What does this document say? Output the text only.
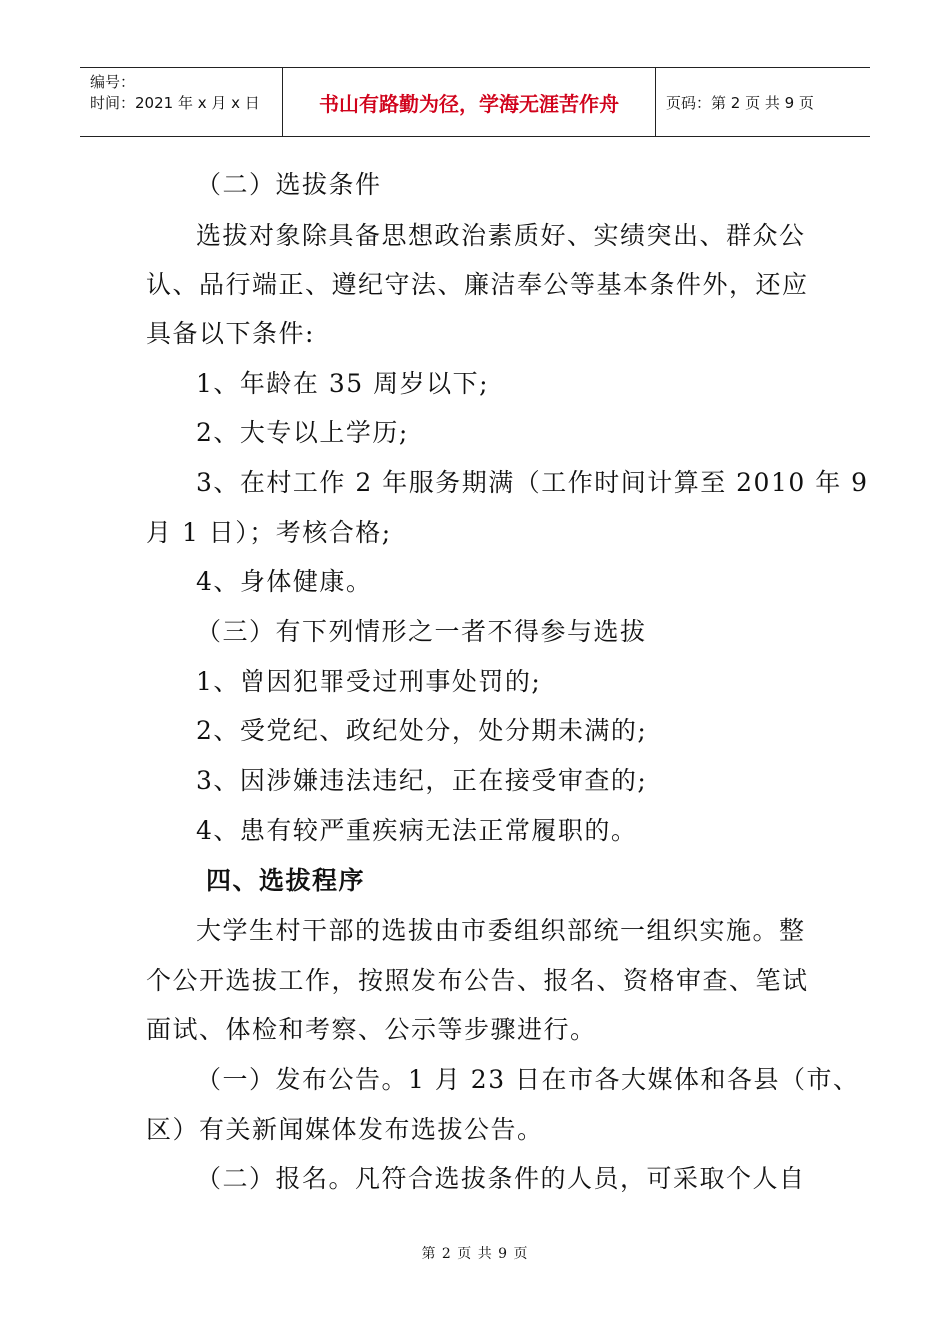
编号：
时间：2021 年 x 月 x 日	书山有路勤为径，学海无涯苦作舟	页码：第 2 页 共 9 页
（二）选拔条件
选拔对象除具备思想政治素质好、实绩突出、群众公
认、品行端正、遵纪守法、廉洁奉公等基本条件外，还应
具备以下条件:
1、年龄在 35 周岁以下;
2、大专以上学历;
3、在村工作 2 年服务期满（工作时间计算至 2010 年 9
月 1 日）；考核合格;
4、身体健康。
（三）有下列情形之一者不得参与选拔
1、曾因犯罪受过刑事处罚的;
2、受党纪、政纪处分，处分期未满的;
3、因涉嫌违法违纪，正在接受审查的;
4、患有较严重疾病无法正常履职的。
四、选拔程序
大学生村干部的选拔由市委组织部统一组织实施。整
个公开选拔工作，按照发布公告、报名、资格审查、笔试
面试、体检和考察、公示等步骤进行。
（一）发布公告。1 月 23 日在市各大媒体和各县（市、
区）有关新闻媒体发布选拔公告。
（二）报名。凡符合选拔条件的人员，可采取个人自
第 2 页 共 9 页
